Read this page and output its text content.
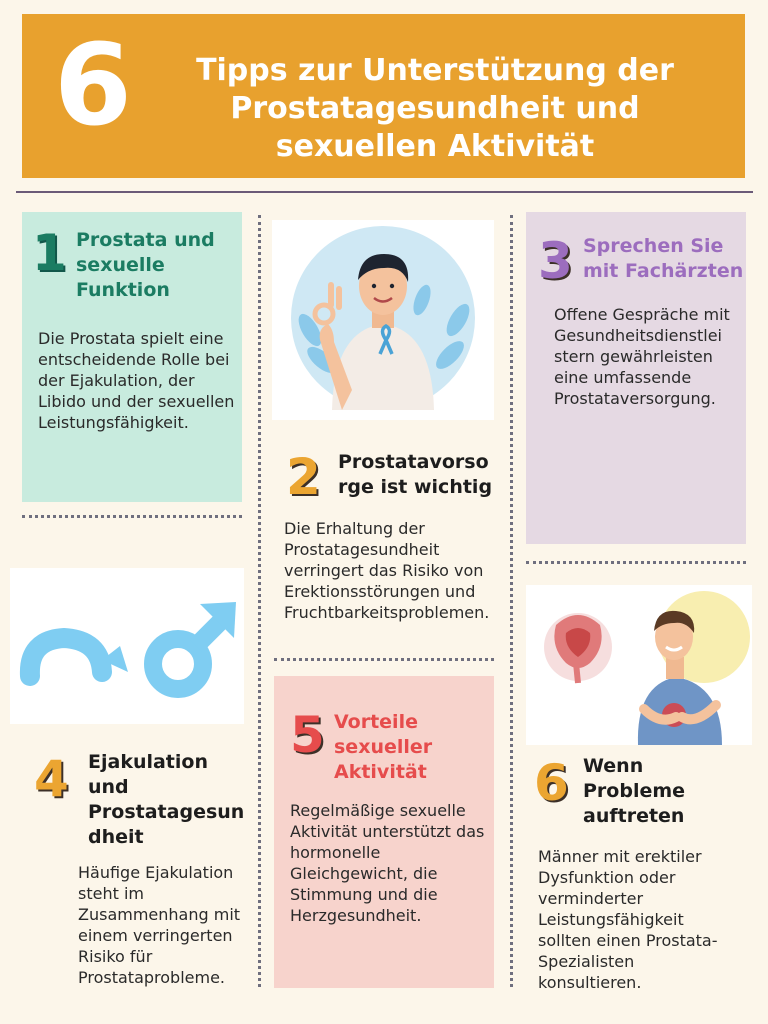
6	Tipps zur Unterstützung der Prostatagesundheit und sexuellen Aktivität
1 Prostata und sexuelle Funktion
Die Prostata spielt eine entscheidende Rolle bei der Ejakulation, der Libido und der sexuellen Leistungsfähigkeit.
2 Prostatavorso rge ist wichtig
Die Erhaltung der Prostatagesundheit verringert das Risiko von Erektionsstörungen und Fruchtbarkeitsproblemen.
3 Sprechen Sie mit Fachärzten
Offene Gespräche mit Gesundheitsdienstlei stern gewährleisten eine umfassende Prostataversorgung.
4 Ejakulation und Prostatagesun dheit
Häufige Ejakulation steht im Zusammenhang mit einem verringerten Risiko für Prostataprobleme.
5 Vorteile sexueller Aktivität
Regelmäßige sexuelle Aktivität unterstützt das hormonelle Gleichgewicht, die Stimmung und die Herzgesundheit.
6 Wenn Probleme auftreten
Männer mit erektiler Dysfunktion oder verminderter Leistungsfähigkeit sollten einen Prostata-Spezialisten konsultieren.
